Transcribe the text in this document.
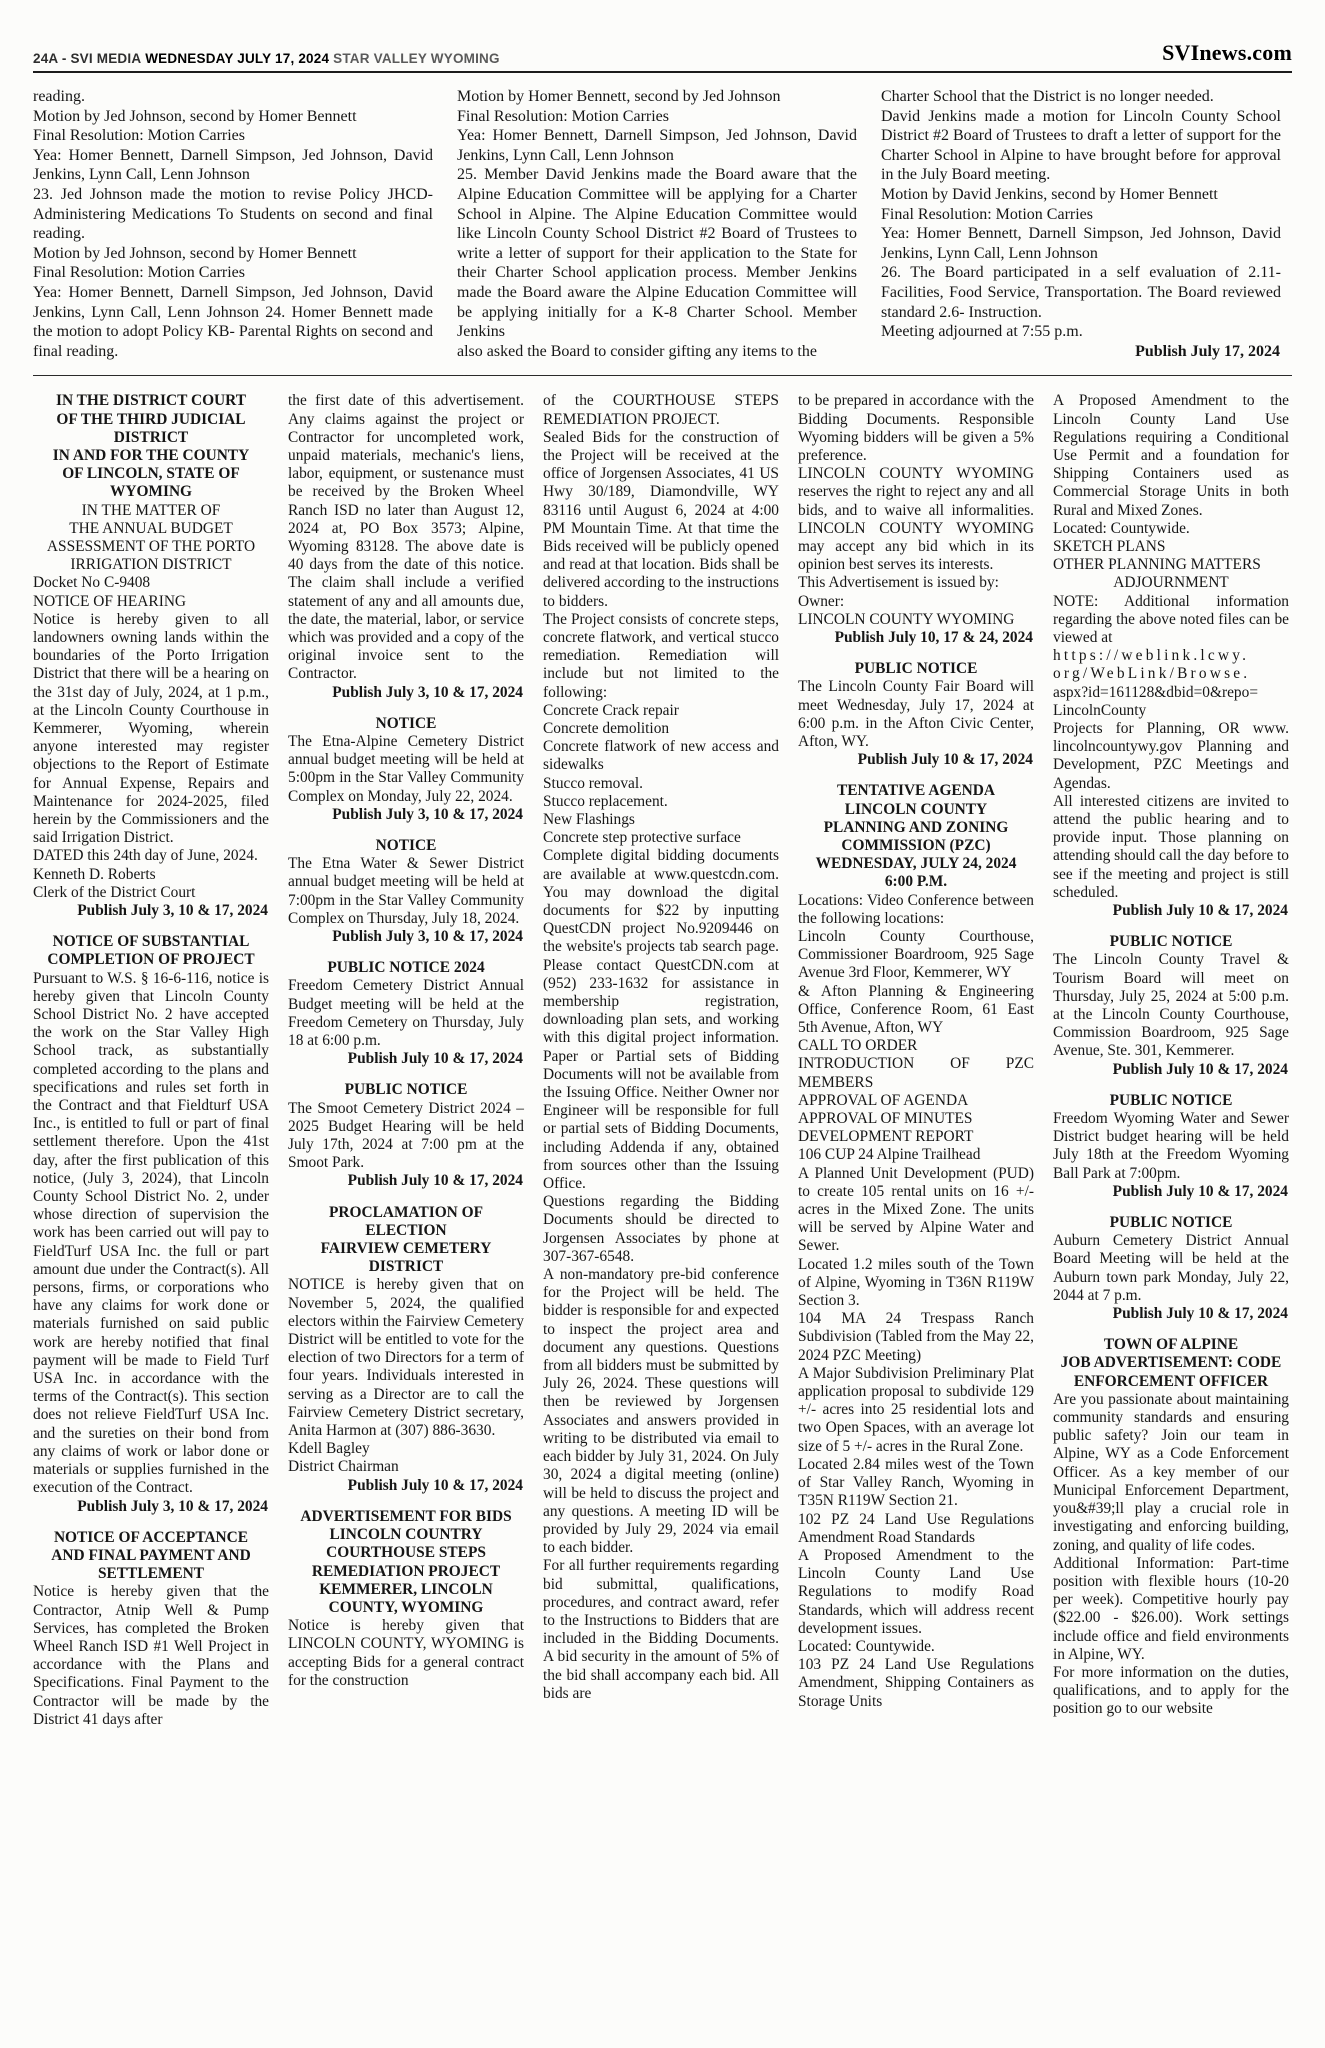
24A - SVI MEDIA WEDNESDAY JULY 17, 2024 STAR VALLEY WYOMING	SVInews.com
reading.
Motion by Jed Johnson, second by Homer Bennett
Final Resolution: Motion Carries
Yea: Homer Bennett, Darnell Simpson, Jed Johnson, David Jenkins, Lynn Call, Lenn Johnson
23. Jed Johnson made the motion to revise Policy JHCD- Administering Medications To Students on second and final reading.
Motion by Jed Johnson, second by Homer Bennett
Final Resolution: Motion Carries
Yea: Homer Bennett, Darnell Simpson, Jed Johnson, David Jenkins, Lynn Call, Lenn Johnson 24. Homer Bennett made the motion to adopt Policy KB- Parental Rights on second and final reading.
Motion by Homer Bennett, second by Jed Johnson
Final Resolution: Motion Carries
Yea: Homer Bennett, Darnell Simpson, Jed Johnson, David Jenkins, Lynn Call, Lenn Johnson
25. Member David Jenkins made the Board aware that the Alpine Education Committee will be applying for a Charter School in Alpine. The Alpine Education Committee would like Lincoln County School District #2 Board of Trustees to write a letter of support for their application to the State for their Charter School application process. Member Jenkins made the Board aware the Alpine Education Committee will be applying initially for a K-8 Charter School. Member Jenkins
also asked the Board to consider gifting any items to the
Charter School that the District is no longer needed.
David Jenkins made a motion for Lincoln County School District #2 Board of Trustees to draft a letter of support for the Charter School in Alpine to have brought before for approval in the July Board meeting.
Motion by David Jenkins, second by Homer Bennett
Final Resolution: Motion Carries
Yea: Homer Bennett, Darnell Simpson, Jed Johnson, David Jenkins, Lynn Call, Lenn Johnson
26. The Board participated in a self evaluation of 2.11- Facilities, Food Service, Transportation. The Board reviewed standard 2.6- Instruction.
Meeting adjourned at 7:55 p.m.
Publish July 17, 2024
IN THE DISTRICT COURT
OF THE THIRD JUDICIAL
DISTRICT
IN AND FOR THE COUNTY
OF LINCOLN, STATE OF
WYOMING
IN THE MATTER OF
THE ANNUAL BUDGET
ASSESSMENT OF THE PORTO
IRRIGATION DISTRICT
Docket No C-9408
NOTICE OF HEARING
Notice is hereby given to all landowners owning lands within the boundaries of the Porto Irrigation District that there will be a hearing on the 31st day of July, 2024, at 1 p.m., at the Lincoln County Courthouse in Kemmerer, Wyoming, wherein anyone interested may register objections to the Report of Estimate for Annual Expense, Repairs and Maintenance for 2024-2025, filed herein by the Commissioners and the said Irrigation District.
DATED this 24th day of June, 2024.
Kenneth D. Roberts
Clerk of the District Court
Publish July 3, 10 & 17, 2024
NOTICE OF SUBSTANTIAL
COMPLETION OF PROJECT
Pursuant to W.S. § 16-6-116, notice is hereby given that Lincoln County School District No. 2 have accepted the work on the Star Valley High School track, as substantially completed according to the plans and specifications and rules set forth in the Contract and that Fieldturf USA Inc., is entitled to full or part of final settlement therefore. Upon the 41st day, after the first publication of this notice, (July 3, 2024), that Lincoln County School District No. 2, under whose direction of supervision the work has been carried out will pay to FieldTurf USA Inc. the full or part amount due under the Contract(s). All persons, firms, or corporations who have any claims for work done or materials furnished on said public work are hereby notified that final payment will be made to Field Turf USA Inc. in accordance with the terms of the Contract(s). This section does not relieve FieldTurf USA Inc. and the sureties on their bond from any claims of work or labor done or materials or supplies furnished in the execution of the Contract.
Publish July 3, 10 & 17, 2024
NOTICE OF ACCEPTANCE
AND FINAL PAYMENT AND
SETTLEMENT
Notice is hereby given that the Contractor, Atnip Well & Pump Services, has completed the Broken Wheel Ranch ISD #1 Well Project in accordance with the Plans and Specifications. Final Payment to the Contractor will be made by the District 41 days after
the first date of this advertisement. Any claims against the project or Contractor for uncompleted work, unpaid materials, mechanic's liens, labor, equipment, or sustenance must be received by the Broken Wheel Ranch ISD no later than August 12, 2024 at, PO Box 3573; Alpine, Wyoming 83128. The above date is 40 days from the date of this notice. The claim shall include a verified statement of any and all amounts due, the date, the material, labor, or service which was provided and a copy of the original invoice sent to the Contractor.
Publish July 3, 10 & 17, 2024
NOTICE
The Etna-Alpine Cemetery District annual budget meeting will be held at 5:00pm in the Star Valley Community Complex on Monday, July 22, 2024.
Publish July 3, 10 & 17, 2024
NOTICE
The Etna Water & Sewer District annual budget meeting will be held at 7:00pm in the Star Valley Community Complex on Thursday, July 18, 2024.
Publish July 3, 10 & 17, 2024
PUBLIC NOTICE 2024
Freedom Cemetery District Annual Budget meeting will be held at the Freedom Cemetery on Thursday, July 18 at 6:00 p.m.
Publish July 10 & 17, 2024
PUBLIC NOTICE
The Smoot Cemetery District 2024 – 2025 Budget Hearing will be held July 17th, 2024 at 7:00 pm at the Smoot Park.
Publish July 10 & 17, 2024
PROCLAMATION OF
ELECTION
FAIRVIEW CEMETERY
DISTRICT
NOTICE is hereby given that on November 5, 2024, the qualified electors within the Fairview Cemetery District will be entitled to vote for the election of two Directors for a term of four years. Individuals interested in serving as a Director are to call the Fairview Cemetery District secretary, Anita Harmon at (307) 886-3630.
Kdell Bagley
District Chairman
Publish July 10 & 17, 2024
ADVERTISEMENT FOR BIDS
LINCOLN COUNTRY
COURTHOUSE STEPS
REMEDIATION PROJECT
KEMMERER, LINCOLN
COUNTY, WYOMING
Notice is hereby given that LINCOLN COUNTY, WYOMING is accepting Bids for a general contract for the construction
of the COURTHOUSE STEPS REMEDIATION PROJECT.
Sealed Bids for the construction of the Project will be received at the office of Jorgensen Associates, 41 US Hwy 30/189, Diamondville, WY 83116 until August 6, 2024 at 4:00 PM Mountain Time. At that time the Bids received will be publicly opened and read at that location. Bids shall be delivered according to the instructions to bidders.
The Project consists of concrete steps, concrete flatwork, and vertical stucco remediation. Remediation will include but not limited to the following:
Concrete Crack repair
Concrete demolition
Concrete flatwork of new access and sidewalks
Stucco removal.
Stucco replacement.
New Flashings
Concrete step protective surface
Complete digital bidding documents are available at www.questcdn.com. You may download the digital documents for $22 by inputting QuestCDN project No.9209446 on the website's projects tab search page. Please contact QuestCDN.com at (952) 233-1632 for assistance in membership registration, downloading plan sets, and working with this digital project information. Paper or Partial sets of Bidding Documents will not be available from the Issuing Office. Neither Owner nor Engineer will be responsible for full or partial sets of Bidding Documents, including Addenda if any, obtained from sources other than the Issuing Office.
Questions regarding the Bidding Documents should be directed to Jorgensen Associates by phone at 307-367-6548.
A non-mandatory pre-bid conference for the Project will be held. The bidder is responsible for and expected to inspect the project area and document any questions. Questions from all bidders must be submitted by July 26, 2024. These questions will then be reviewed by Jorgensen Associates and answers provided in writing to be distributed via email to each bidder by July 31, 2024. On July 30, 2024 a digital meeting (online) will be held to discuss the project and any questions. A meeting ID will be provided by July 29, 2024 via email to each bidder.
For all further requirements regarding bid submittal, qualifications, procedures, and contract award, refer to the Instructions to Bidders that are included in the Bidding Documents. A bid security in the amount of 5% of the bid shall accompany each bid. All bids are
to be prepared in accordance with the Bidding Documents. Responsible Wyoming bidders will be given a 5% preference.
LINCOLN COUNTY WYOMING reserves the right to reject any and all bids, and to waive all informalities. LINCOLN COUNTY WYOMING may accept any bid which in its opinion best serves its interests.
This Advertisement is issued by:
Owner:
LINCOLN COUNTY WYOMING
Publish July 10, 17 & 24, 2024
PUBLIC NOTICE
The Lincoln County Fair Board will meet Wednesday, July 17, 2024 at 6:00 p.m. in the Afton Civic Center, Afton, WY.
Publish July 10 & 17, 2024
TENTATIVE AGENDA
LINCOLN COUNTY
PLANNING AND ZONING
COMMISSION (PZC)
WEDNESDAY, JULY 24, 2024
6:00 P.M.
Locations: Video Conference between the following locations:
Lincoln County Courthouse, Commissioner Boardroom, 925 Sage Avenue 3rd Floor, Kemmerer, WY
& Afton Planning & Engineering Office, Conference Room, 61 East 5th Avenue, Afton, WY
CALL TO ORDER
INTRODUCTION OF PZC MEMBERS
APPROVAL OF AGENDA
APPROVAL OF MINUTES
DEVELOPMENT REPORT
106 CUP 24 Alpine Trailhead
A Planned Unit Development (PUD) to create 105 rental units on 16 +/- acres in the Mixed Zone. The units will be served by Alpine Water and Sewer.
Located 1.2 miles south of the Town of Alpine, Wyoming in T36N R119W Section 3.
104 MA 24 Trespass Ranch Subdivision (Tabled from the May 22, 2024 PZC Meeting)
A Major Subdivision Preliminary Plat application proposal to subdivide 129 +/- acres into 25 residential lots and two Open Spaces, with an average lot size of 5 +/- acres in the Rural Zone.
Located 2.84 miles west of the Town of Star Valley Ranch, Wyoming in T35N R119W Section 21.
102 PZ 24 Land Use Regulations Amendment Road Standards
A Proposed Amendment to the Lincoln County Land Use Regulations to modify Road Standards, which will address recent development issues.
Located: Countywide.
103 PZ 24 Land Use Regulations Amendment, Shipping Containers as Storage Units
A Proposed Amendment to the Lincoln County Land Use Regulations requiring a Conditional Use Permit and a foundation for Shipping Containers used as Commercial Storage Units in both Rural and Mixed Zones.
Located: Countywide.
SKETCH PLANS
OTHER PLANNING MATTERS
ADJOURNMENT
NOTE: Additional information regarding the above noted files can be viewed at
https://weblink.lcwy.
org/WebLink/Browse.
aspx?id=161128&dbid=0&repo= LincolnCounty
Projects for Planning, OR www. lincolncountywy.gov Planning and Development, PZC Meetings and Agendas.
All interested citizens are invited to attend the public hearing and to provide input. Those planning on attending should call the day before to see if the meeting and project is still scheduled.
Publish July 10 & 17, 2024
PUBLIC NOTICE
The Lincoln County Travel & Tourism Board will meet on Thursday, July 25, 2024 at 5:00 p.m. at the Lincoln County Courthouse, Commission Boardroom, 925 Sage Avenue, Ste. 301, Kemmerer.
Publish July 10 & 17, 2024
PUBLIC NOTICE
Freedom Wyoming Water and Sewer District budget hearing will be held July 18th at the Freedom Wyoming Ball Park at 7:00pm.
Publish July 10 & 17, 2024
PUBLIC NOTICE
Auburn Cemetery District Annual Board Meeting will be held at the Auburn town park Monday, July 22, 2044 at 7 p.m.
Publish July 10 & 17, 2024
TOWN OF ALPINE
JOB ADVERTISEMENT: CODE
ENFORCEMENT OFFICER
Are you passionate about maintaining community standards and ensuring public safety? Join our team in Alpine, WY as a Code Enforcement Officer. As a key member of our Municipal Enforcement Department, you&#39;ll play a crucial role in investigating and enforcing building, zoning, and quality of life codes.
Additional Information: Part-time position with flexible hours (10-20 per week). Competitive hourly pay ($22.00 - $26.00). Work settings include office and field environments in Alpine, WY.
For more information on the duties, qualifications, and to apply for the position go to our website
